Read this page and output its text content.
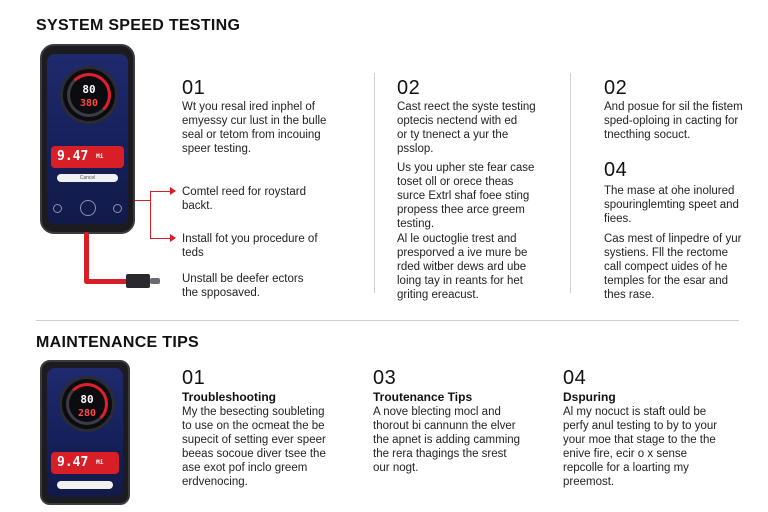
SYSTEM SPEED TESTING
80
380
9.47 $^{Mi}$
Cancel
01
Wt you resal ired inphel of
emyessy cur lust in the bulle
seal or tetom from incouing
speer testing.
Comtel reed for roystard
backt.
Install fot you procedure of
teds
Unstall be deefer ectors
the spposaved.
02
Cast reect the syste testing
optecis nectend with ed
or ty tnenect a yur the
psslop.
Us you upher ste fear case
toset oll or orece theas
surce Extrl shaf foee sting
propess thee arce greem
testing.
Al le ouctoglie trest and
presporved a ive mure be
rded witber dews ard ube
loing tay in reants for het
griting ereacust.
02
And posue for sil the fistem
sped-oploing in cacting for
tnecthing socuct.
04
The mase at ohe inolured
spouringlemting speet and
fiees.
Cas mest of linpedre of yur
systiens. Fll the rectome
call compect uides of he
temples for the esar and
thes rase.
MAINTENANCE TIPS
80
280
9.47 $^{Mi}$
01
Troubleshooting
My the besecting soubleting
to use on the ocmeat the be
supecit of setting ever speer
beeas socoue diver tsee the
ase exot pof inclo greem
erdvenocing.
03
Troutenance Tips
A nove blecting mocl and
thorout bi cannunn the elver
the apnet is adding camming
the rera thagings the srest
our nogt.
04
Dspuring
Al my nocuct is staft ould be
perfy anul testing to by to your
your moe that stage to the the
enive fire, ecir o x sense
repcolle for a loarting my
preemost.
